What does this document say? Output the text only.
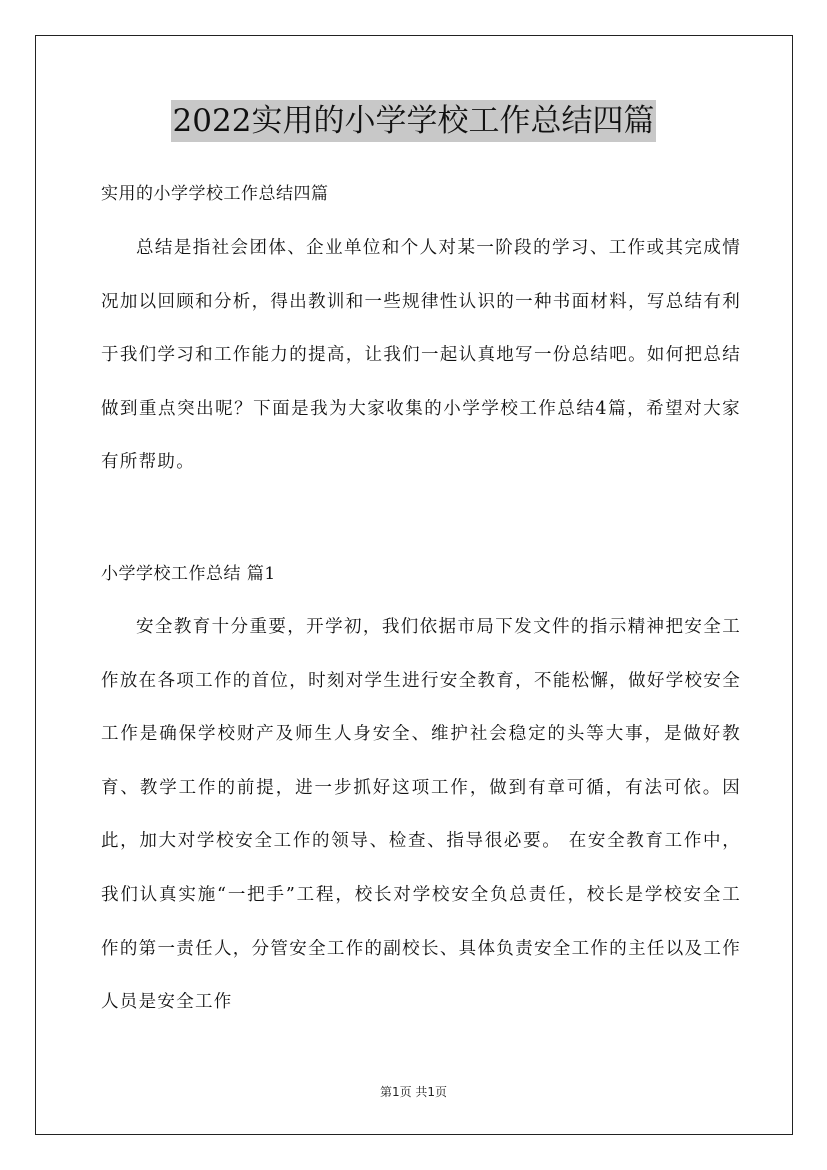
2022实用的小学学校工作总结四篇
实用的小学学校工作总结四篇

总结是指社会团体、企业单位和个人对某一阶段的学习、工作或其完成情况加以回顾和分析，得出教训和一些规律性认识的一种书面材料，写总结有利于我们学习和工作能力的提高，让我们一起认真地写一份总结吧。如何把总结做到重点突出呢？下面是我为大家收集的小学学校工作总结4篇，希望对大家有所帮助。

小学学校工作总结 篇1

安全教育十分重要，开学初，我们依据市局下发文件的指示精神把安全工作放在各项工作的首位，时刻对学生进行安全教育，不能松懈，做好学校安全工作是确保学校财产及师生人身安全、维护社会稳定的头等大事，是做好教育、教学工作的前提，进一步抓好这项工作，做到有章可循，有法可依。因此，加大对学校安全工作的领导、检查、指导很必要。 在安全教育工作中，我们认真实施“一把手”工程，校长对学校安全负总责任，校长是学校安全工作的第一责任人，分管安全工作的副校长、具体负责安全工作的主任以及工作人员是安全工作

第1页 共1页
